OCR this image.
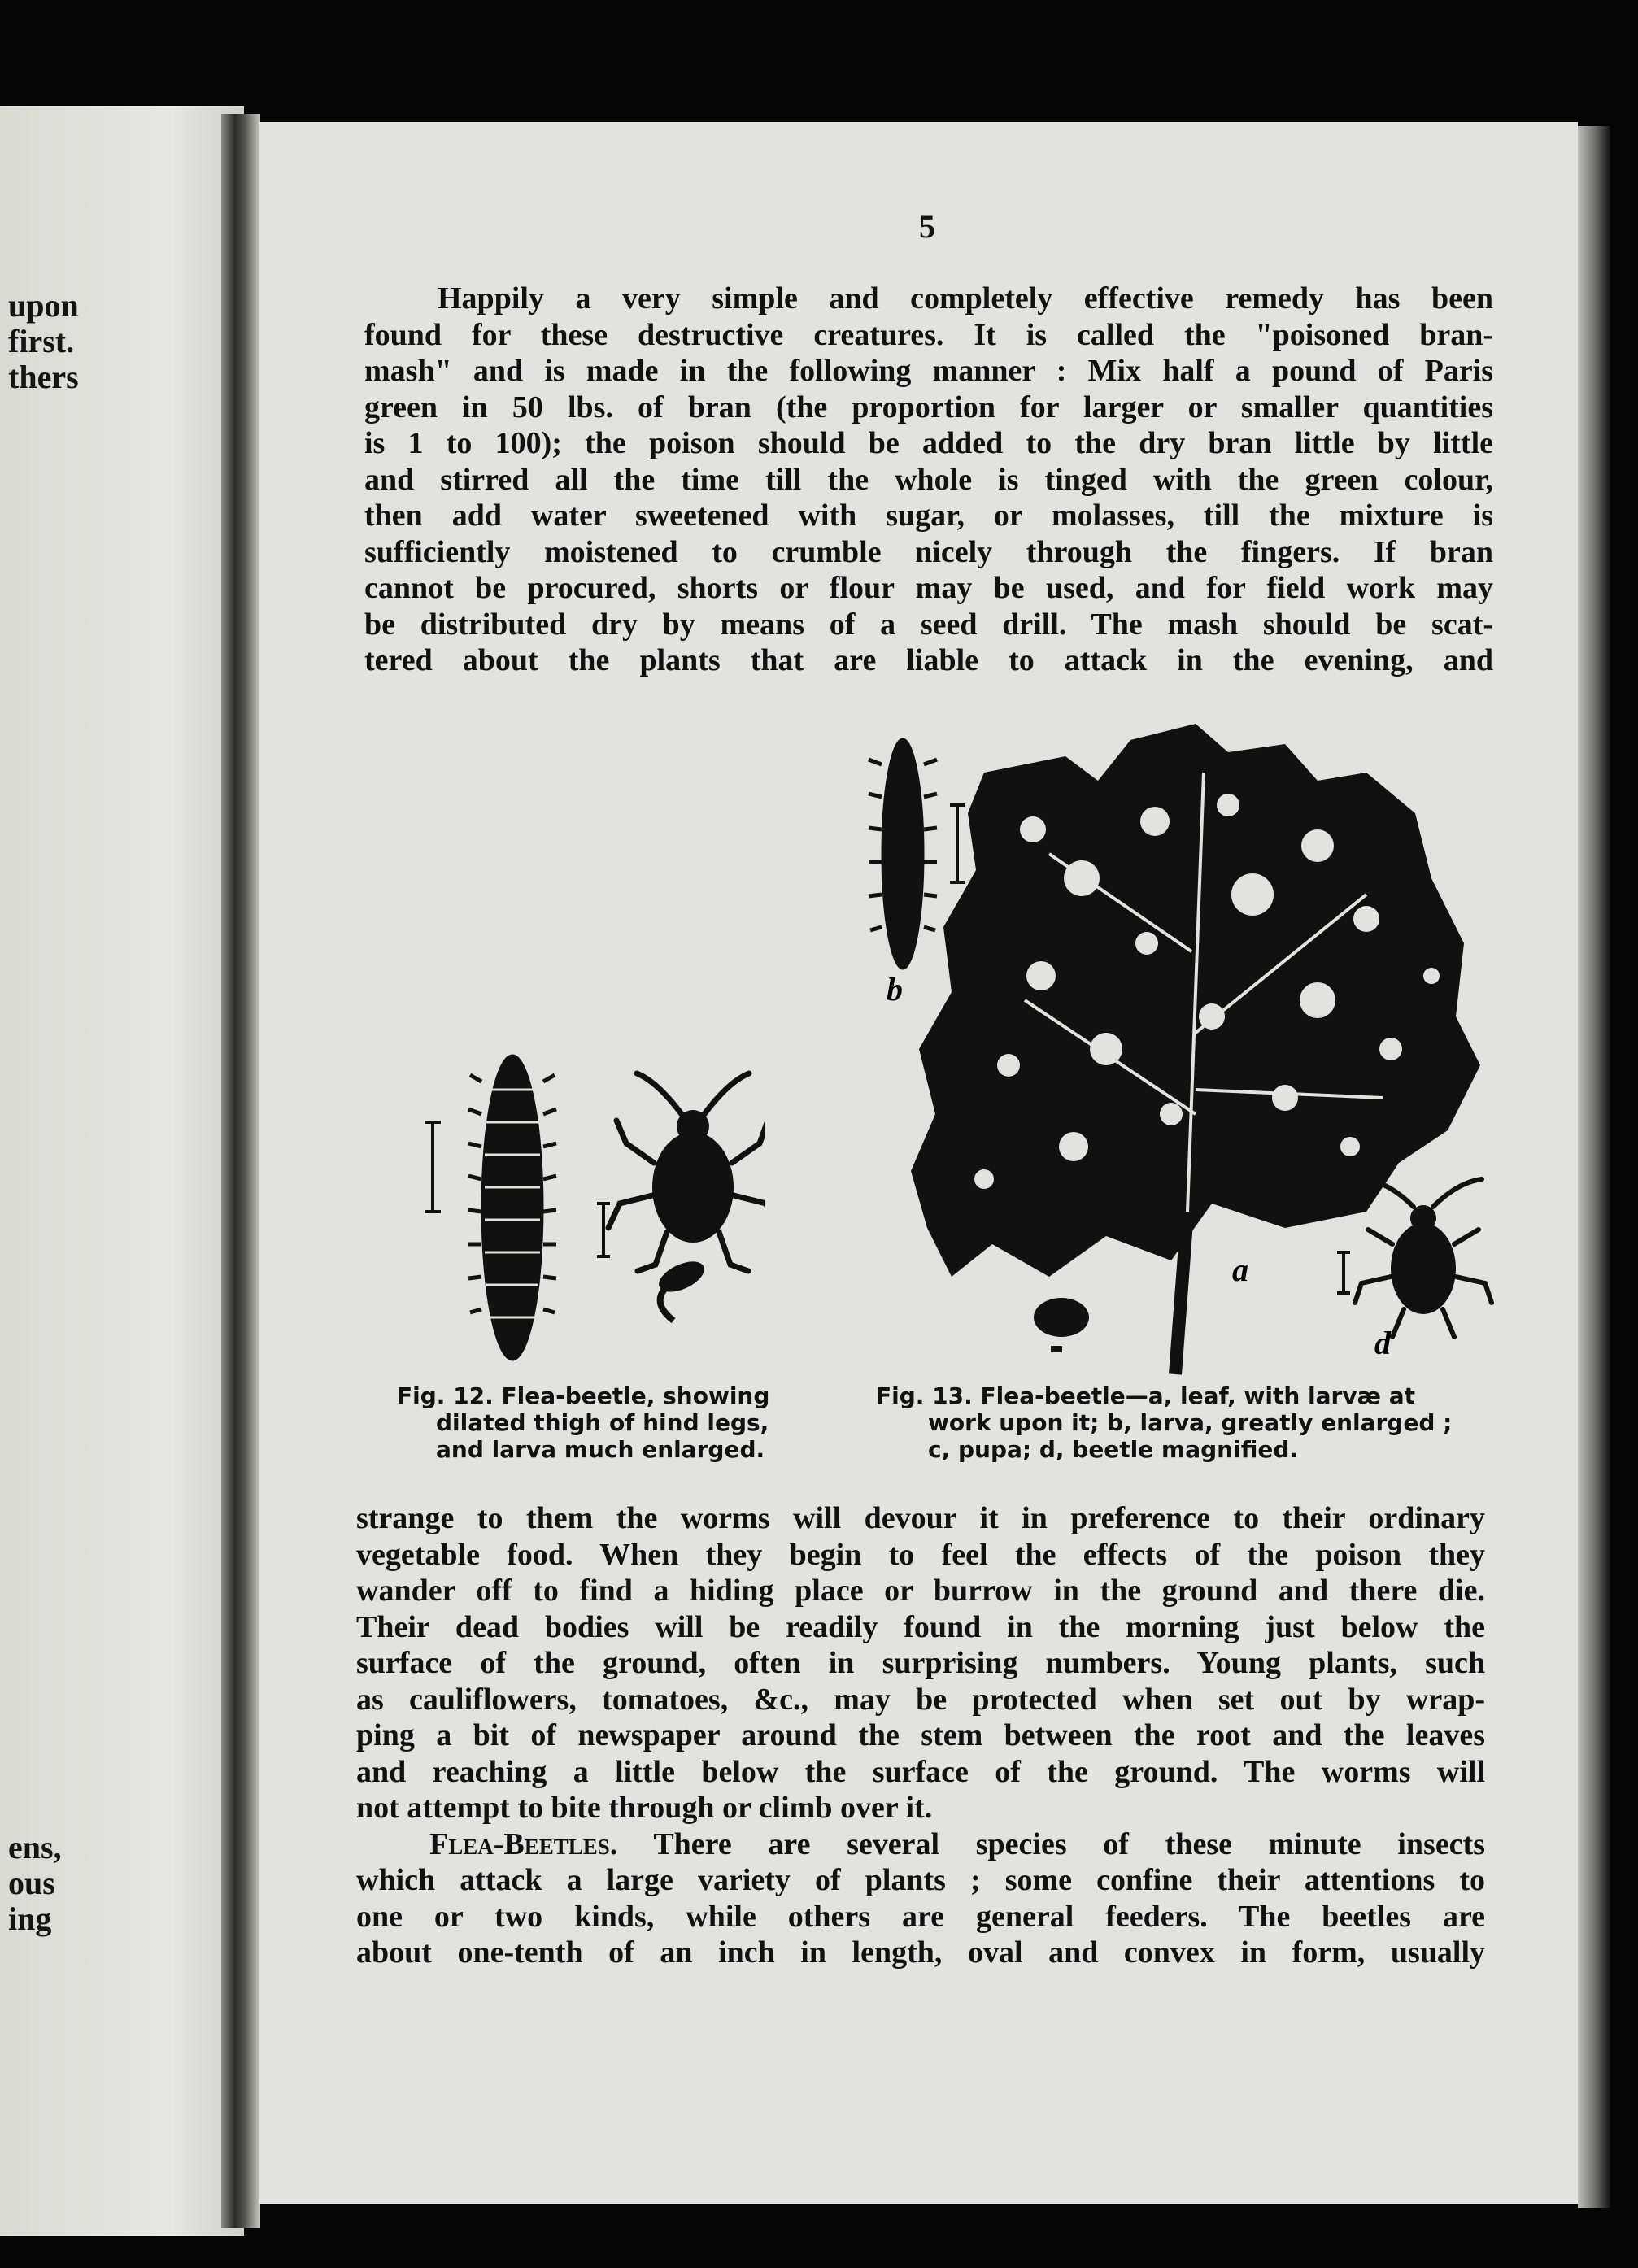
upon
first.
thers
ens,
ous
ing
5
Happily a very simple and completely effective remedy has been
found for these destructive creatures. It is called the "poisoned bran-
mash" and is made in the following manner : Mix half a pound of Paris
green in 50 lbs. of bran (the proportion for larger or smaller quantities
is 1 to 100); the poison should be added to the dry bran little by little
and stirred all the time till the whole is tinged with the green colour,
then add water sweetened with sugar, or molasses, till the mixture is
sufficiently moistened to crumble nicely through the fingers. If bran
cannot be procured, shorts or flour may be used, and for field work may
be distributed dry by means of a seed drill. The mash should be scat-
tered about the plants that are liable to attack in the evening, and
b
a
d
Fig. 12. Flea-beetle, showing
dilated thigh of hind legs,
and larva much enlarged.
Fig. 13. Flea-beetle—a, leaf, with larvæ at
work upon it; b, larva, greatly enlarged ;
c, pupa; d, beetle magnified.
strange to them the worms will devour it in preference to their ordinary
vegetable food. When they begin to feel the effects of the poison they
wander off to find a hiding place or burrow in the ground and there die.
Their dead bodies will be readily found in the morning just below the
surface of the ground, often in surprising numbers. Young plants, such
as cauliflowers, tomatoes, &c., may be protected when set out by wrap-
ping a bit of newspaper around the stem between the root and the leaves
and reaching a little below the surface of the ground. The worms will
not attempt to bite through or climb over it.
Flea-Beetles. There are several species of these minute insects
which attack a large variety of plants ; some confine their attentions to
one or two kinds, while others are general feeders. The beetles are
about one-tenth of an inch in length, oval and convex in form, usually
